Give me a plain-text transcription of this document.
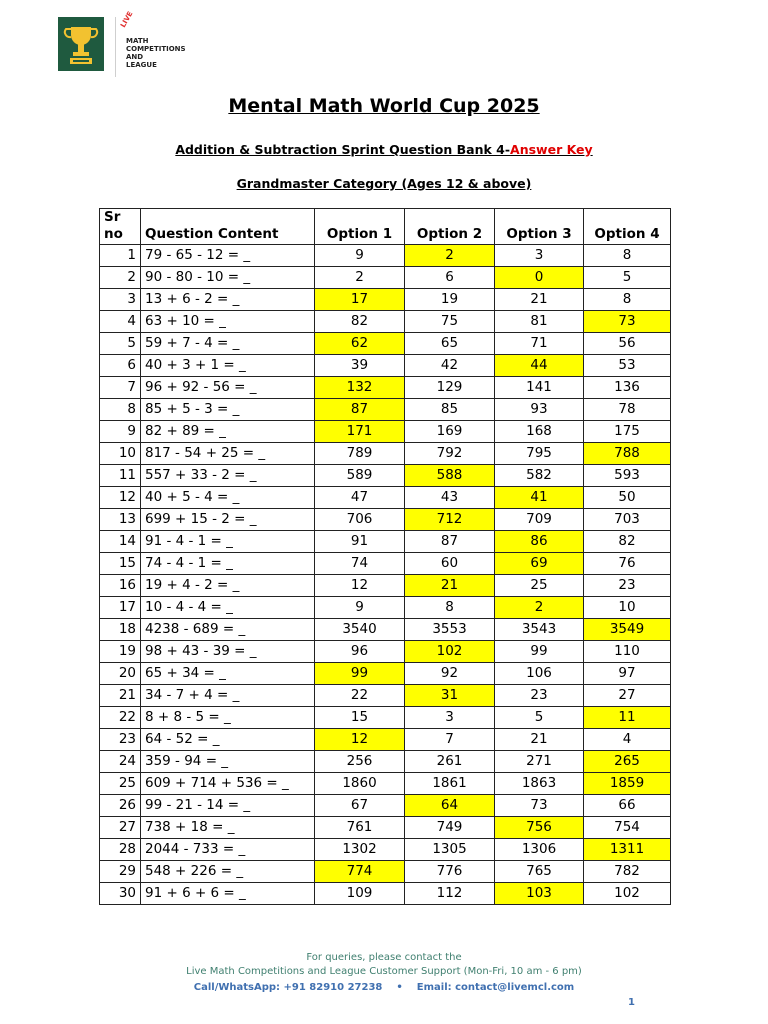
LIVE
MATH
COMPETITIONS
AND
LEAGUE
Mental Math World Cup 2025
Addition & Subtraction Sprint Question Bank 4-Answer Key
Grandmaster Category (Ages 12 & above)
Sr
no	Question Content	Option 1	Option 2	Option 3	Option 4
1	79 - 65 - 12 = _	9	2	3	8
2	90 - 80 - 10 = _	2	6	0	5
3	13 + 6 - 2 = _	17	19	21	8
4	63 + 10 = _	82	75	81	73
5	59 + 7 - 4 = _	62	65	71	56
6	40 + 3 + 1 = _	39	42	44	53
7	96 + 92 - 56 = _	132	129	141	136
8	85 + 5 - 3 = _	87	85	93	78
9	82 + 89 = _	171	169	168	175
10	817 - 54 + 25 = _	789	792	795	788
11	557 + 33 - 2 = _	589	588	582	593
12	40 + 5 - 4 = _	47	43	41	50
13	699 + 15 - 2 = _	706	712	709	703
14	91 - 4 - 1 = _	91	87	86	82
15	74 - 4 - 1 = _	74	60	69	76
16	19 + 4 - 2 = _	12	21	25	23
17	10 - 4 - 4 = _	9	8	2	10
18	4238 - 689 = _	3540	3553	3543	3549
19	98 + 43 - 39 = _	96	102	99	110
20	65 + 34 = _	99	92	106	97
21	34 - 7 + 4 = _	22	31	23	27
22	8 + 8 - 5 = _	15	3	5	11
23	64 - 52 = _	12	7	21	4
24	359 - 94 = _	256	261	271	265
25	609 + 714 + 536 = _	1860	1861	1863	1859
26	99 - 21 - 14 = _	67	64	73	66
27	738 + 18 = _	761	749	756	754
28	2044 - 733 = _	1302	1305	1306	1311
29	548 + 226 = _	774	776	765	782
30	91 + 6 + 6 = _	109	112	103	102
For queries, please contact the
Live Math Competitions and League Customer Support (Mon-Fri, 10 am - 6 pm)
Call/WhatsApp: +91 82910 27238 • Email: contact@livemcl.com
1
